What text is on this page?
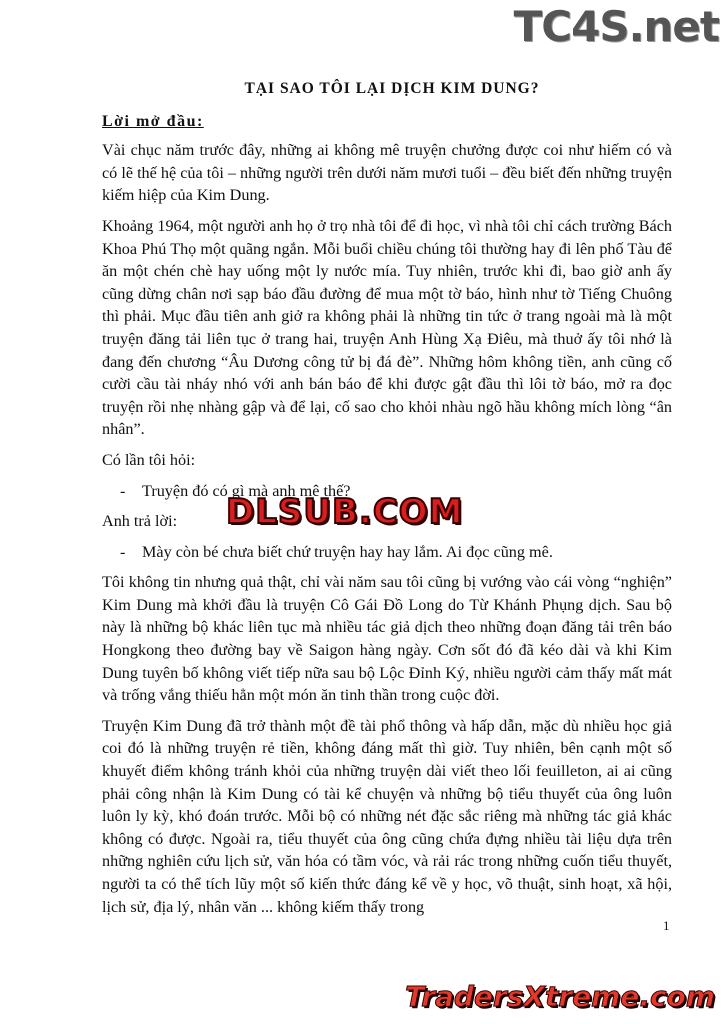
TC4S.net
TẠI SAO TÔI LẠI DỊCH KIM DUNG?
Lời mở đầu:

Vài chục năm trước đây, những ai không mê truyện chưởng được coi như hiếm có và có lẽ thế hệ của tôi – những người trên dưới năm mươi tuổi – đều biết đến những truyện kiếm hiệp của Kim Dung.

Khoảng 1964, một người anh họ ở trọ nhà tôi để đi học, vì nhà tôi chỉ cách trường Bách Khoa Phú Thọ một quãng ngắn. Mỗi buổi chiều chúng tôi thường hay đi lên phố Tàu để ăn một chén chè hay uống một ly nước mía. Tuy nhiên, trước khi đi, bao giờ anh ấy cũng dừng chân nơi sạp báo đầu đường để mua một tờ báo, hình như tờ Tiếng Chuông thì phải. Mục đầu tiên anh giở ra không phải là những tin tức ở trang ngoài mà là một truyện đăng tải liên tục ở trang hai, truyện Anh Hùng Xạ Điêu, mà thuở ấy tôi nhớ là đang đến chương “Âu Dương công tử bị đá đè”. Những hôm không tiền, anh cũng cố cười cầu tài nháy nhó với anh bán báo để khi được gật đầu thì lôi tờ báo, mở ra đọc truyện rồi nhẹ nhàng gập và để lại, cố sao cho khỏi nhàu ngõ hầu không mích lòng “ân nhân”.

Có lần tôi hỏi:

-	Truyện đó có gì mà anh mê thế?

Anh trả lời:

-	Mày còn bé chưa biết chứ truyện hay hay lắm. Ai đọc cũng mê.

Tôi không tin nhưng quả thật, chỉ vài năm sau tôi cũng bị vướng vào cái vòng “nghiện” Kim Dung mà khởi đầu là truyện Cô Gái Đồ Long do Từ Khánh Phụng dịch. Sau bộ này là những bộ khác liên tục mà nhiều tác giả dịch theo những đoạn đăng tải trên báo Hongkong theo đường bay về Saigon hàng ngày. Cơn sốt đó đã kéo dài và khi Kim Dung tuyên bố không viết tiếp nữa sau bộ Lộc Đỉnh Ký, nhiều người cảm thấy mất mát và trống vắng thiếu hẳn một món ăn tinh thần trong cuộc đời.

Truyện Kim Dung đã trở thành một đề tài phổ thông và hấp dẫn, mặc dù nhiều học giả coi đó là những truyện rẻ tiền, không đáng mất thì giờ. Tuy nhiên, bên cạnh một số khuyết điểm không tránh khỏi của những truyện dài viết theo lối feuilleton, ai ai cũng phải công nhận là Kim Dung có tài kể chuyện và những bộ tiểu thuyết của ông luôn luôn ly kỳ, khó đoán trước. Mỗi bộ có những nét đặc sắc riêng mà những tác giả khác không có được. Ngoài ra, tiểu thuyết của ông cũng chứa đựng nhiều tài liệu dựa trên những nghiên cứu lịch sử, văn hóa có tầm vóc, và rải rác trong những cuốn tiểu thuyết, người ta có thể tích lũy một số kiến thức đáng kể về y học, võ thuật, sinh hoạt, xã hội, lịch sử, địa lý, nhân văn ... không kiếm thấy trong

DLSUB.COM
1
TradersXtreme.com
